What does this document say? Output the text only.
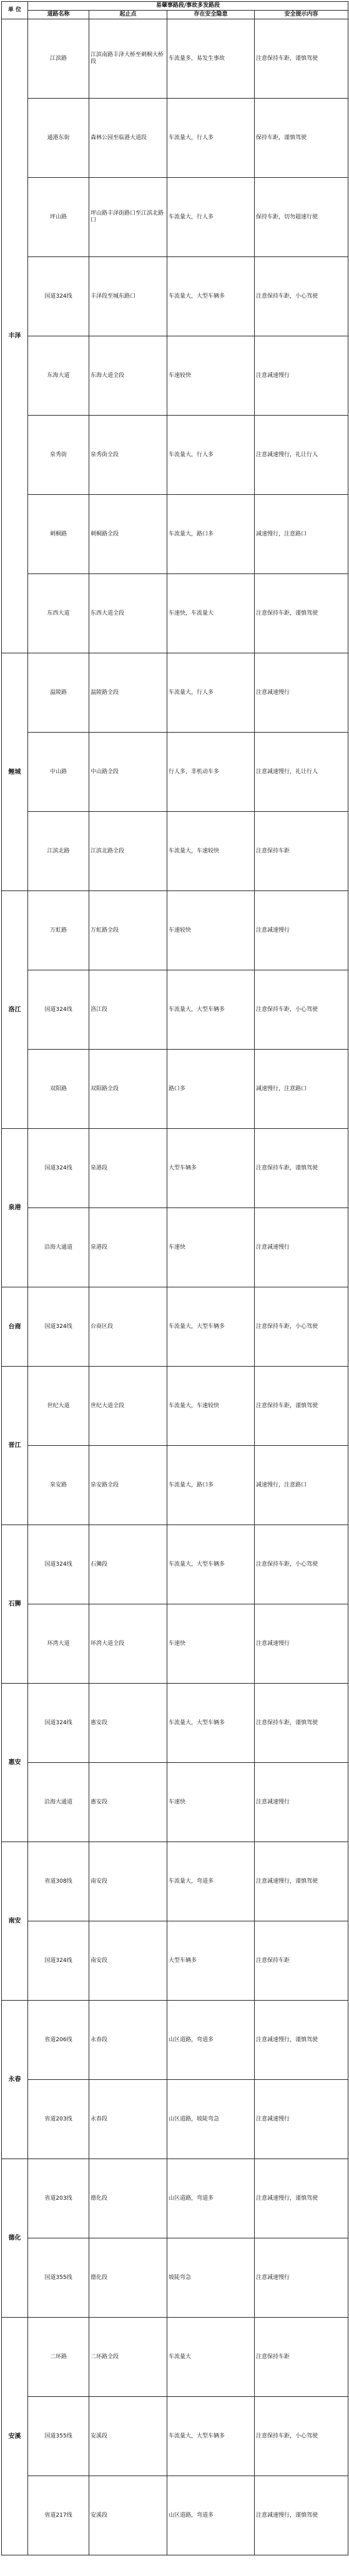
单 位	易肇事路段/事故多发路段			
	道路名称	起止点	存在安全隐患	安全提示内容
丰泽	江滨路	江滨南路丰泽大桥至刺桐大桥段	车流量多，易发生事故	注意保持车距，谨慎驾驶
	通港东街	森林公园至临港大道段	车流量大，行人多	保持车距，谨慎驾驶
	坪山路	坪山路丰泽街路口至江滨北路口	车流量大，行人多	保持车距，切勿超速行驶
	国道324线	丰泽段至城东路口	车流量大，大型车辆多	注意保持车距，小心驾驶
	东海大道	东海大道全段	车速较快	注意减速慢行
	泉秀街	泉秀街全段	车流量大，行人多	注意减速慢行，礼让行人
	刺桐路	刺桐路全段	车流量大，路口多	减速慢行，注意路口
	东西大道	东西大道全段	车速快，车流量大	注意保持车距，谨慎驾驶
鲤城	温陵路	温陵路全段	车流量大，行人多	注意减速慢行
	中山路	中山路全段	行人多，非机动车多	注意减速慢行，礼让行人
	江滨北路	江滨北路全段	车流量大，车速较快	注意保持车距
洛江	万虹路	万虹路全段	车速较快	注意减速慢行
	国道324线	洛江段	车流量大，大型车辆多	注意保持车距，小心驾驶
	双阳路	双阳路全段	路口多	减速慢行，注意路口
泉港	国道324线	泉港段	大型车辆多	注意保持车距，谨慎驾驶
	沿海大通道	泉港段	车速快	注意减速慢行
台商	国道324线	台商区段	车流量大，大型车辆多	注意保持车距，小心驾驶
晋江	世纪大道	世纪大道全段	车流量大，车速较快	注意保持车距，谨慎驾驶
	泉安路	泉安路全段	车流量大，路口多	减速慢行，注意路口
石狮	国道324线	石狮段	车流量大，大型车辆多	注意保持车距，小心驾驶
	环湾大道	环湾大道全段	车速快	注意减速慢行
惠安	国道324线	惠安段	车流量大，大型车辆多	注意保持车距，谨慎驾驶
	沿海大通道	惠安段	车速快	注意减速慢行
南安	省道308线	南安段	车流量大，弯道多	注意减速慢行，谨慎驾驶
	国道324线	南安段	大型车辆多	注意保持车距
永春	省道206线	永春段	山区道路，弯道多	注意减速慢行，谨慎驾驶
	省道203线	永春段	山区道路，坡陡弯急	注意减速慢行
德化	省道203线	德化段	山区道路，弯道多	注意减速慢行，谨慎驾驶
	国道355线	德化段	坡陡弯急	注意减速慢行
安溪	二环路	二环路全段	车流量大	注意保持车距
	国道355线	安溪段	车流量大，大型车辆多	注意保持车距，小心驾驶
	省道217线	安溪段	山区道路，弯道多	注意减速慢行，谨慎驾驶
